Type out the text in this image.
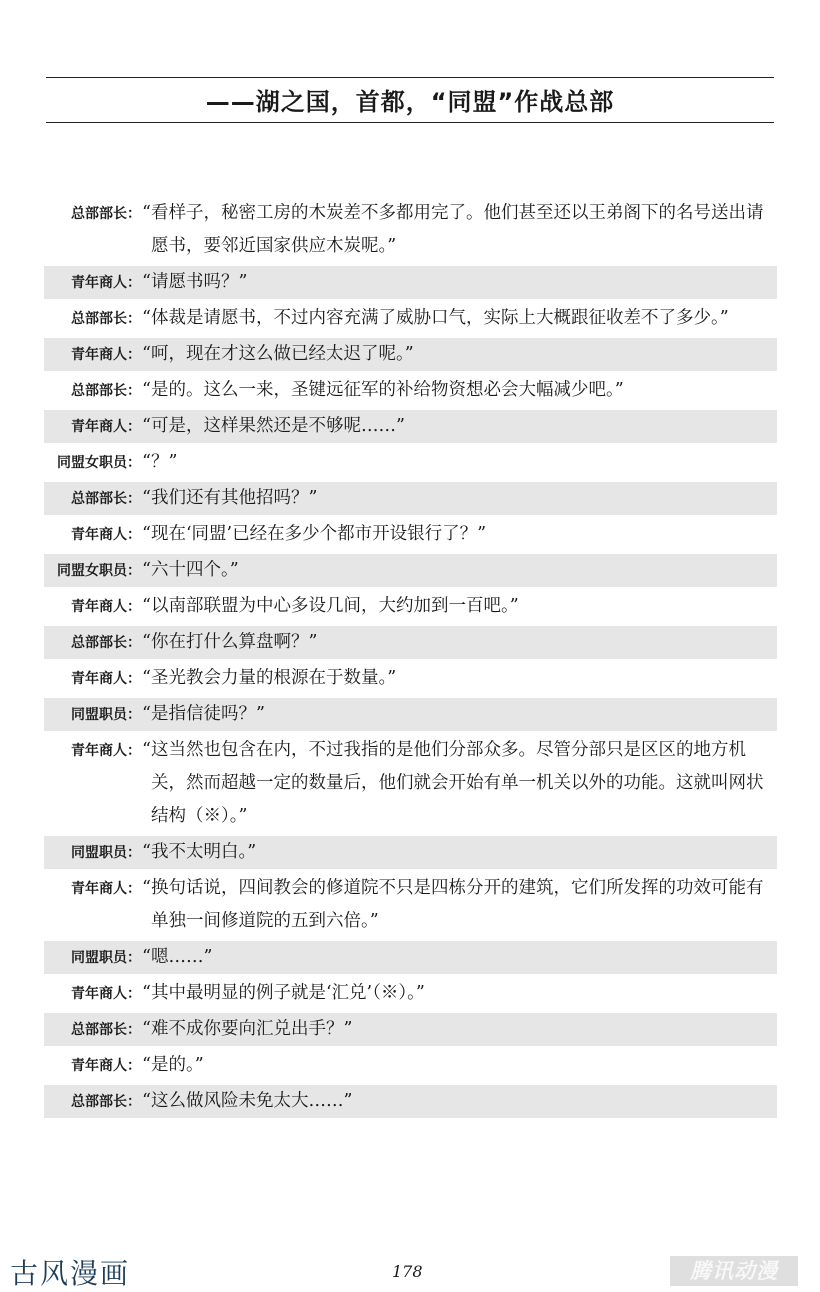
——湖之国，首都，“同盟”作战总部
总部部长： “看样子，秘密工房的木炭差不多都用完了。他们甚至还以王弟阁下的名号送出请愿书，要邻近国家供应木炭呢。”
青年商人： “请愿书吗？”
总部部长： “体裁是请愿书，不过内容充满了威胁口气，实际上大概跟征收差不了多少。”
青年商人： “呵，现在才这么做已经太迟了呢。”
总部部长： “是的。这么一来，圣键远征军的补给物资想必会大幅减少吧。”
青年商人： “可是，这样果然还是不够呢……”
同盟女职员： “？”
总部部长： “我们还有其他招吗？”
青年商人： “现在‘同盟’已经在多少个都市开设银行了？”
同盟女职员： “六十四个。”
青年商人： “以南部联盟为中心多设几间，大约加到一百吧。”
总部部长： “你在打什么算盘啊？”
青年商人： “圣光教会力量的根源在于数量。”
同盟职员： “是指信徒吗？”
青年商人： “这当然也包含在内，不过我指的是他们分部众多。尽管分部只是区区的地方机关，然而超越一定的数量后，他们就会开始有单一机关以外的功能。这就叫网状结构（※）。”
同盟职员： “我不太明白。”
青年商人： “换句话说，四间教会的修道院不只是四栋分开的建筑，它们所发挥的功效可能有单独一间修道院的五到六倍。”
同盟职员： “嗯……”
青年商人： “其中最明显的例子就是‘汇兑’（※）。”
总部部长： “难不成你要向汇兑出手？”
青年商人： “是的。”
总部部长： “这么做风险未免太大……”
古风漫画	178	腾讯动漫
